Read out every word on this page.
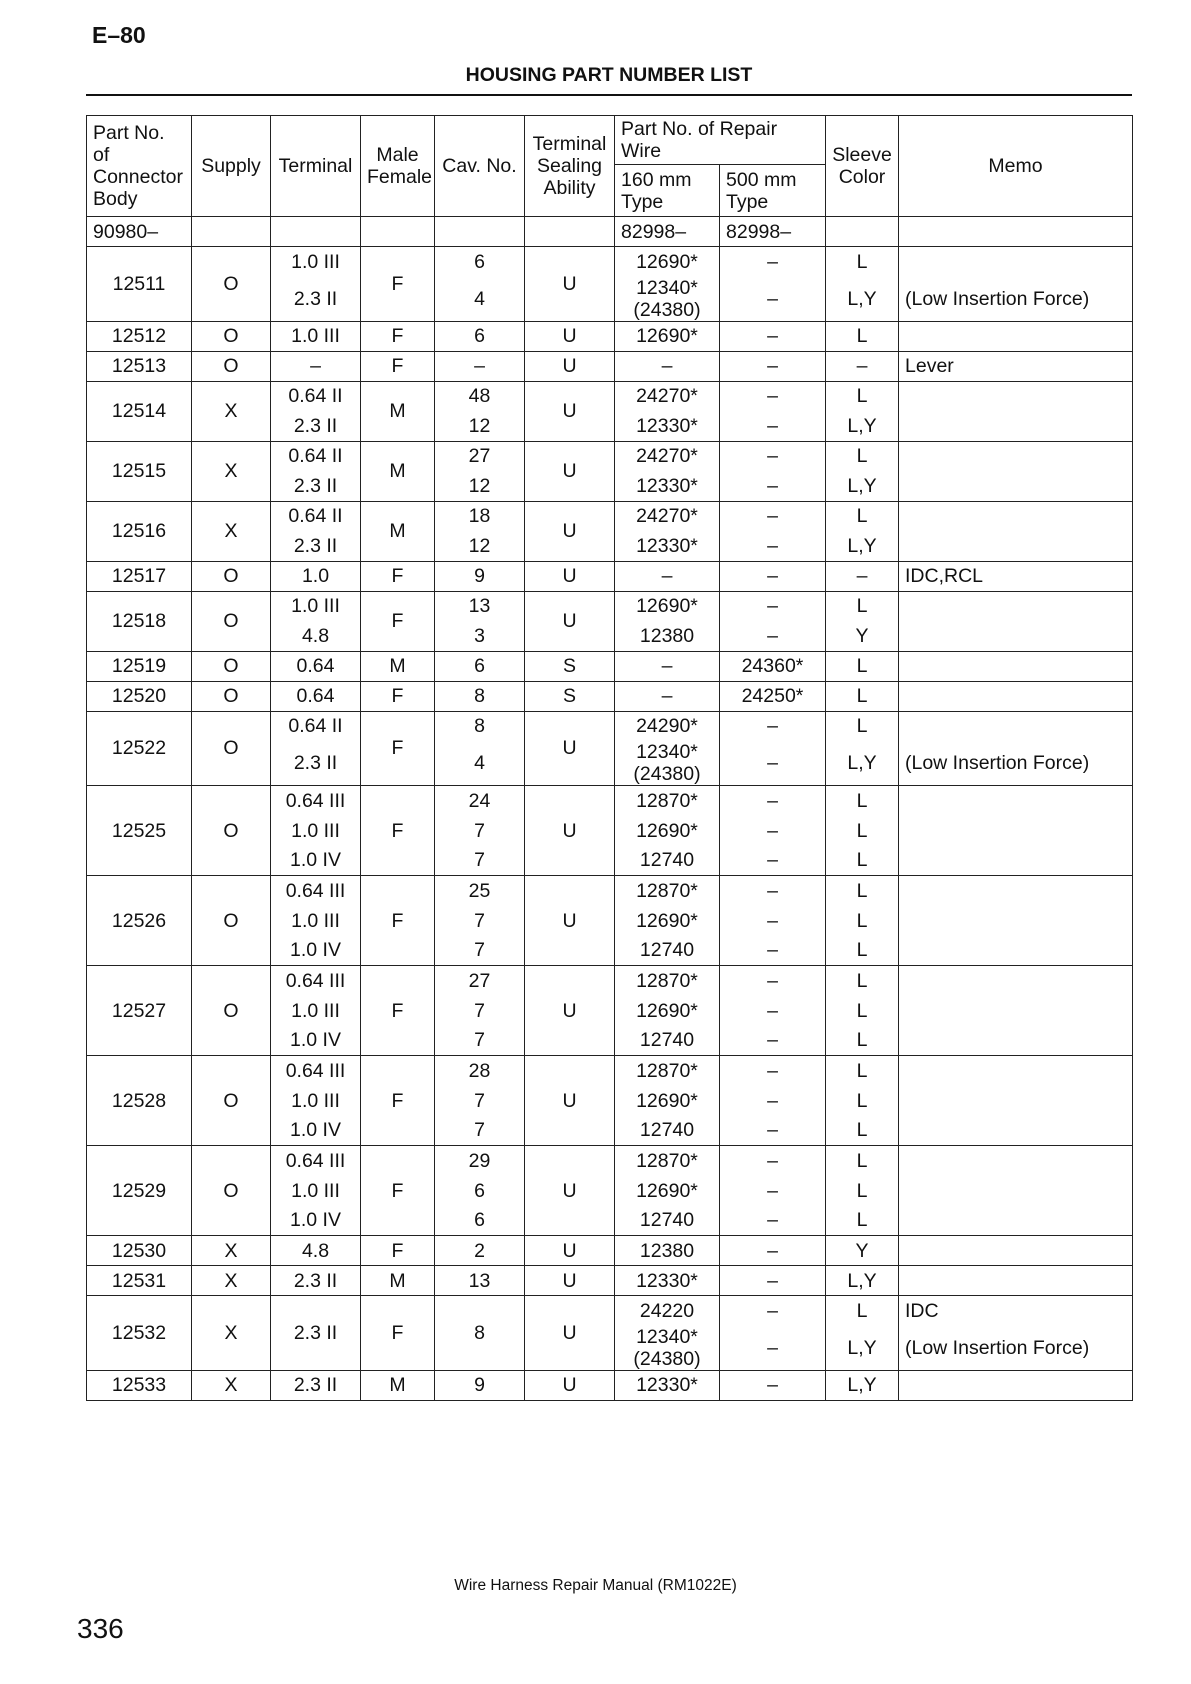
E–80
HOUSING PART NUMBER LIST
Part No. of Connector Body	Supply	Terminal	Male Female	Cav. No.	Terminal Sealing Ability	Part No. of Repair Wire		Sleeve Color	Memo
						160 mm Type	500 mm Type		
90980–						82998–	82998–		
12511	O	1.0 III	F	6	U	12690*	–	L	
		2.3 II		4		12340* (24380)	–	L,Y	(Low Insertion Force)
12512	O	1.0 III	F	6	U	12690*	–	L	
12513	O	–	F	–	U	–	–	–	Lever
12514	X	0.64 II	M	48	U	24270*	–	L	
		2.3 II		12		12330*	–	L,Y	
12515	X	0.64 II	M	27	U	24270*	–	L	
		2.3 II		12		12330*	–	L,Y	
12516	X	0.64 II	M	18	U	24270*	–	L	
		2.3 II		12		12330*	–	L,Y	
12517	O	1.0	F	9	U	–	–	–	IDC,RCL
12518	O	1.0 III	F	13	U	12690*	–	L	
		4.8		3		12380	–	Y	
12519	O	0.64	M	6	S	–	24360*	L	
12520	O	0.64	F	8	S	–	24250*	L	
12522	O	0.64 II	F	8	U	24290*	–	L	
		2.3 II		4		12340* (24380)	–	L,Y	(Low Insertion Force)
12525	O	0.64 III	F	24	U	12870*	–	L	
		1.0 III		7		12690*	–	L	
		1.0 IV		7		12740	–	L	
12526	O	0.64 III	F	25	U	12870*	–	L	
		1.0 III		7		12690*	–	L	
		1.0 IV		7		12740	–	L	
12527	O	0.64 III	F	27	U	12870*	–	L	
		1.0 III		7		12690*	–	L	
		1.0 IV		7		12740	–	L	
12528	O	0.64 III	F	28	U	12870*	–	L	
		1.0 III		7		12690*	–	L	
		1.0 IV		7		12740	–	L	
12529	O	0.64 III	F	29	U	12870*	–	L	
		1.0 III		6		12690*	–	L	
		1.0 IV		6		12740	–	L	
12530	X	4.8	F	2	U	12380	–	Y	
12531	X	2.3 II	M	13	U	12330*	–	L,Y	
12532	X	2.3 II	F	8	U	24220	–	L	IDC
						12340* (24380)	–	L,Y	(Low Insertion Force)
12533	X	2.3 II	M	9	U	12330*	–	L,Y	
Wire Harness Repair Manual (RM1022E)
336
